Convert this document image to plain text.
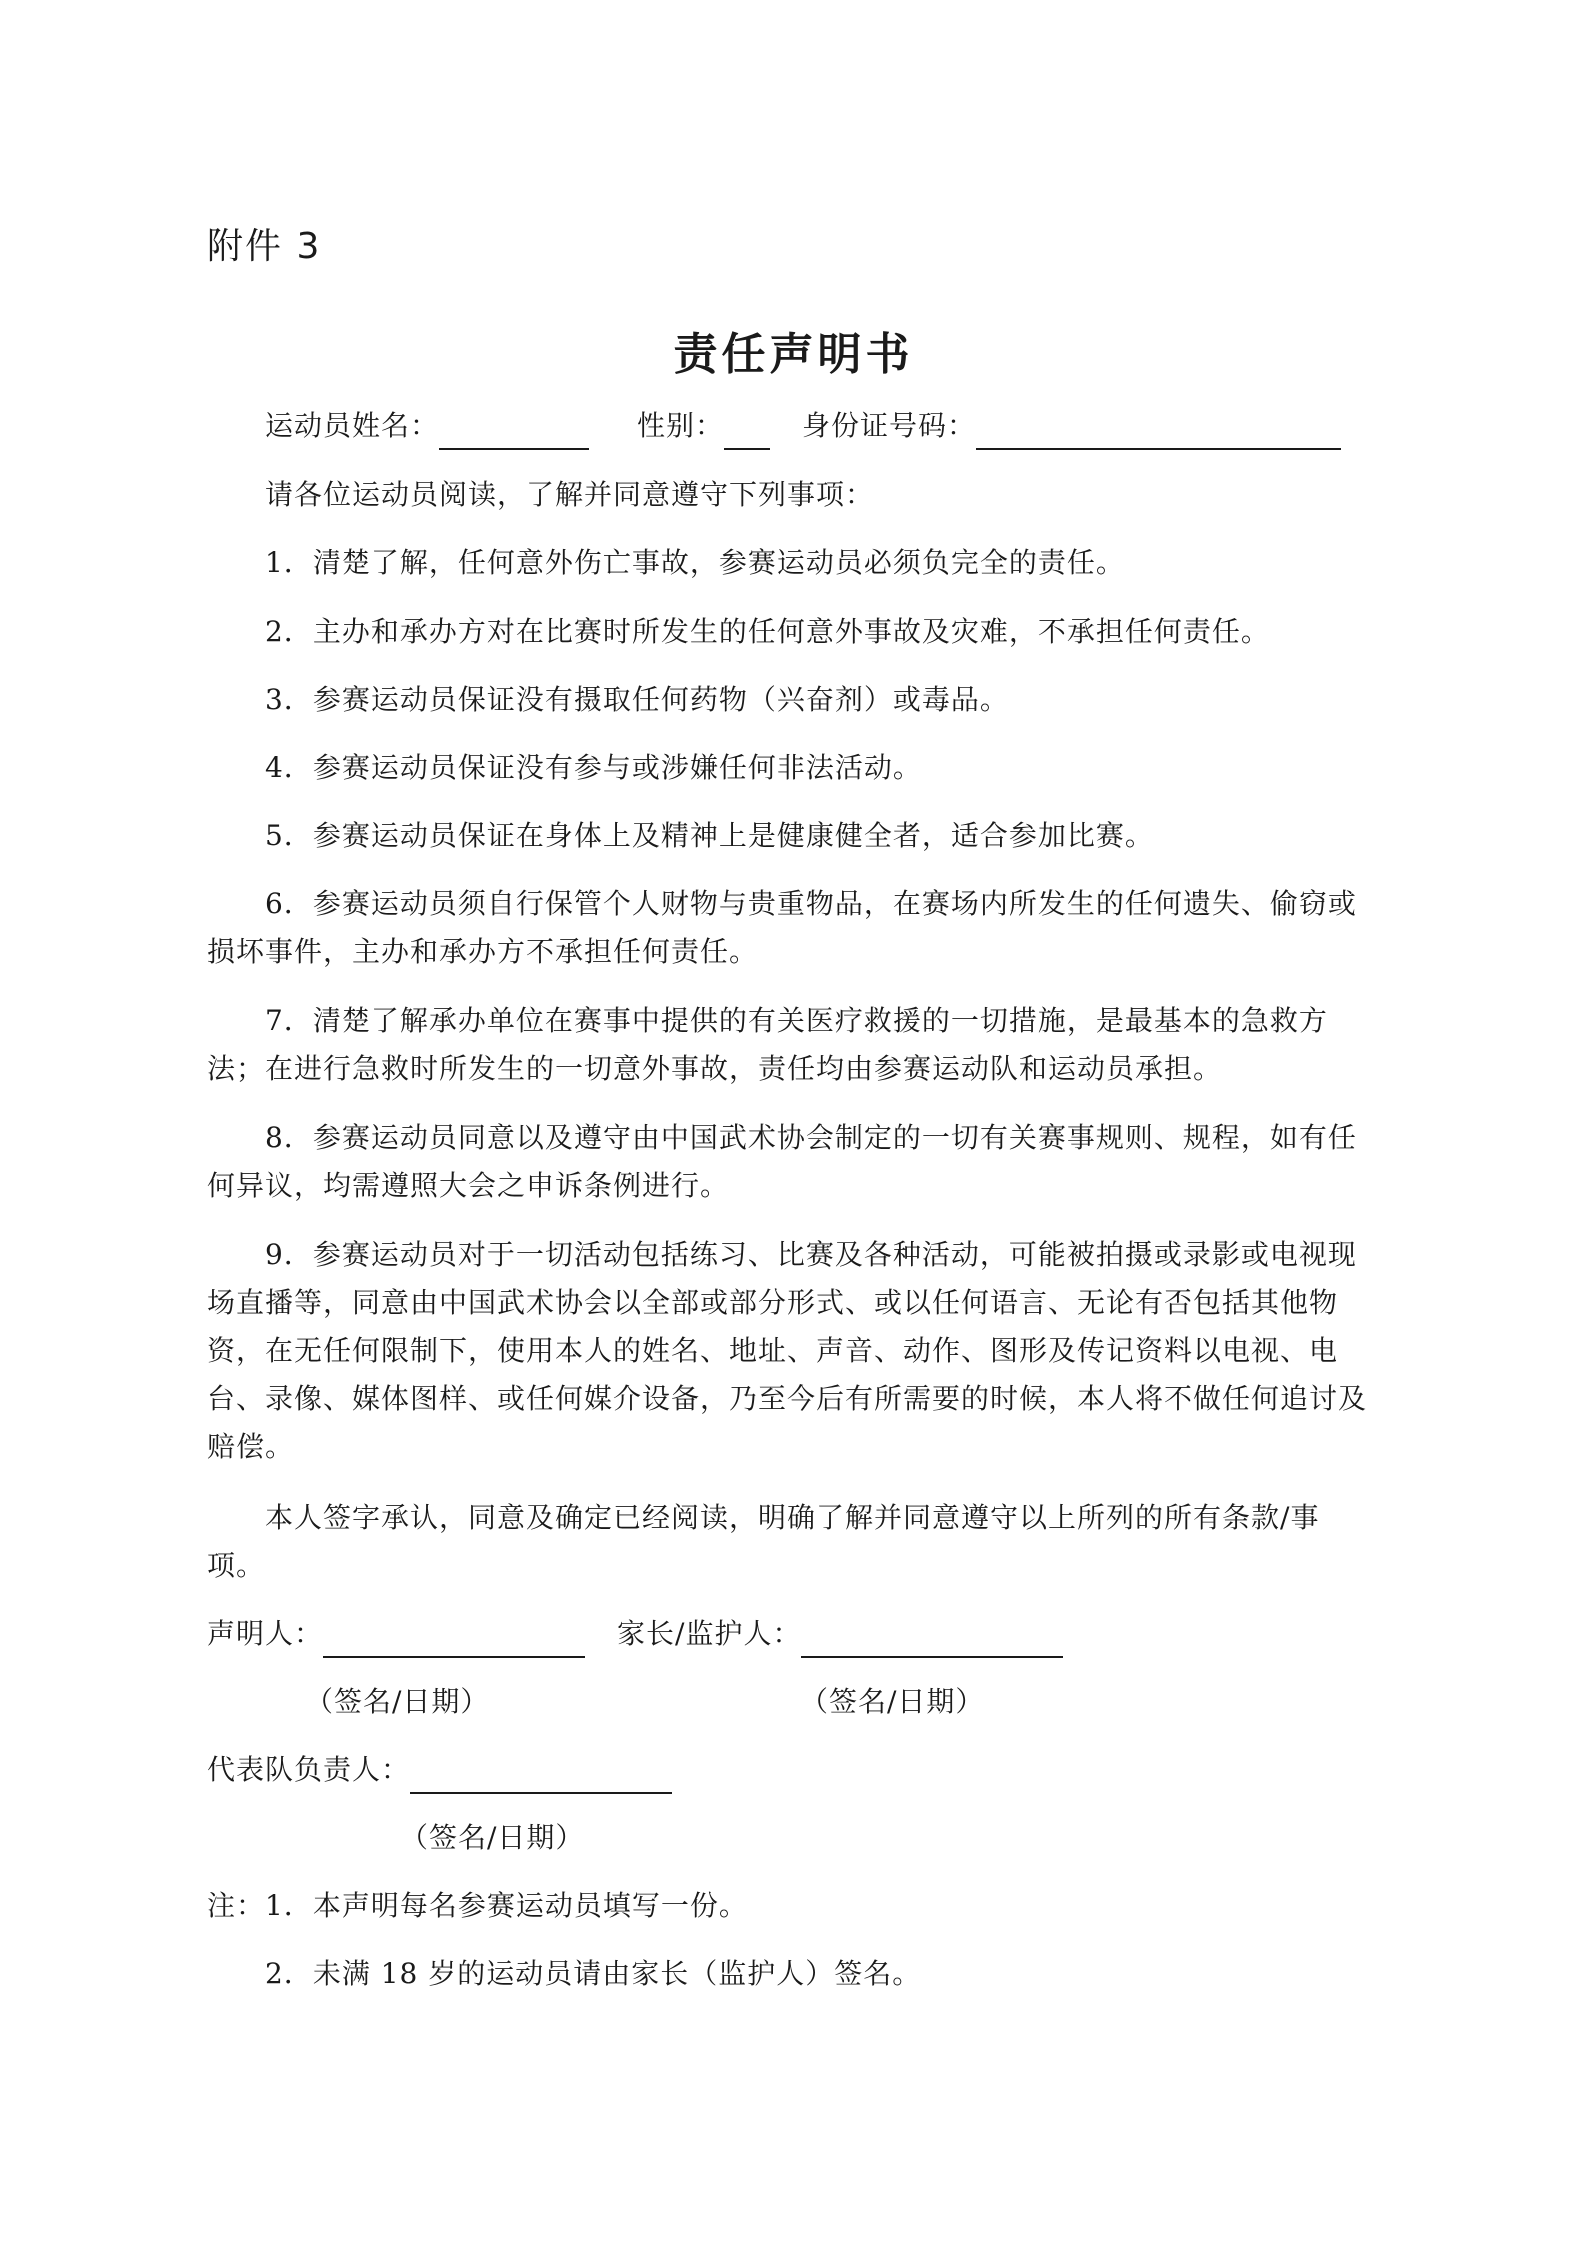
附件 3
责任声明书
运动员姓名：	性别：	身份证号码：
请各位运动员阅读，了解并同意遵守下列事项：
1．清楚了解，任何意外伤亡事故，参赛运动员必须负完全的责任。
2．主办和承办方对在比赛时所发生的任何意外事故及灾难，不承担任何责任。
3．参赛运动员保证没有摄取任何药物（兴奋剂）或毒品。
4．参赛运动员保证没有参与或涉嫌任何非法活动。
5．参赛运动员保证在身体上及精神上是健康健全者，适合参加比赛。
6．参赛运动员须自行保管个人财物与贵重物品，在赛场内所发生的任何遗失、偷窃或损坏事件，主办和承办方不承担任何责任。
7．清楚了解承办单位在赛事中提供的有关医疗救援的一切措施，是最基本的急救方法；在进行急救时所发生的一切意外事故，责任均由参赛运动队和运动员承担。
8．参赛运动员同意以及遵守由中国武术协会制定的一切有关赛事规则、规程，如有任何异议，均需遵照大会之申诉条例进行。
9．参赛运动员对于一切活动包括练习、比赛及各种活动，可能被拍摄或录影或电视现场直播等，同意由中国武术协会以全部或部分形式、或以任何语言、无论有否包括其他物资，在无任何限制下，使用本人的姓名、地址、声音、动作、图形及传记资料以电视、电台、录像、媒体图样、或任何媒介设备，乃至今后有所需要的时候，本人将不做任何追讨及赔偿。
本人签字承认，同意及确定已经阅读，明确了解并同意遵守以上所列的所有条款/事项。
声明人：	家长/监护人：
（签名/日期）	（签名/日期）
代表队负责人：
（签名/日期）
注：1．本声明每名参赛运动员填写一份。
2．未满 18 岁的运动员请由家长（监护人）签名。
